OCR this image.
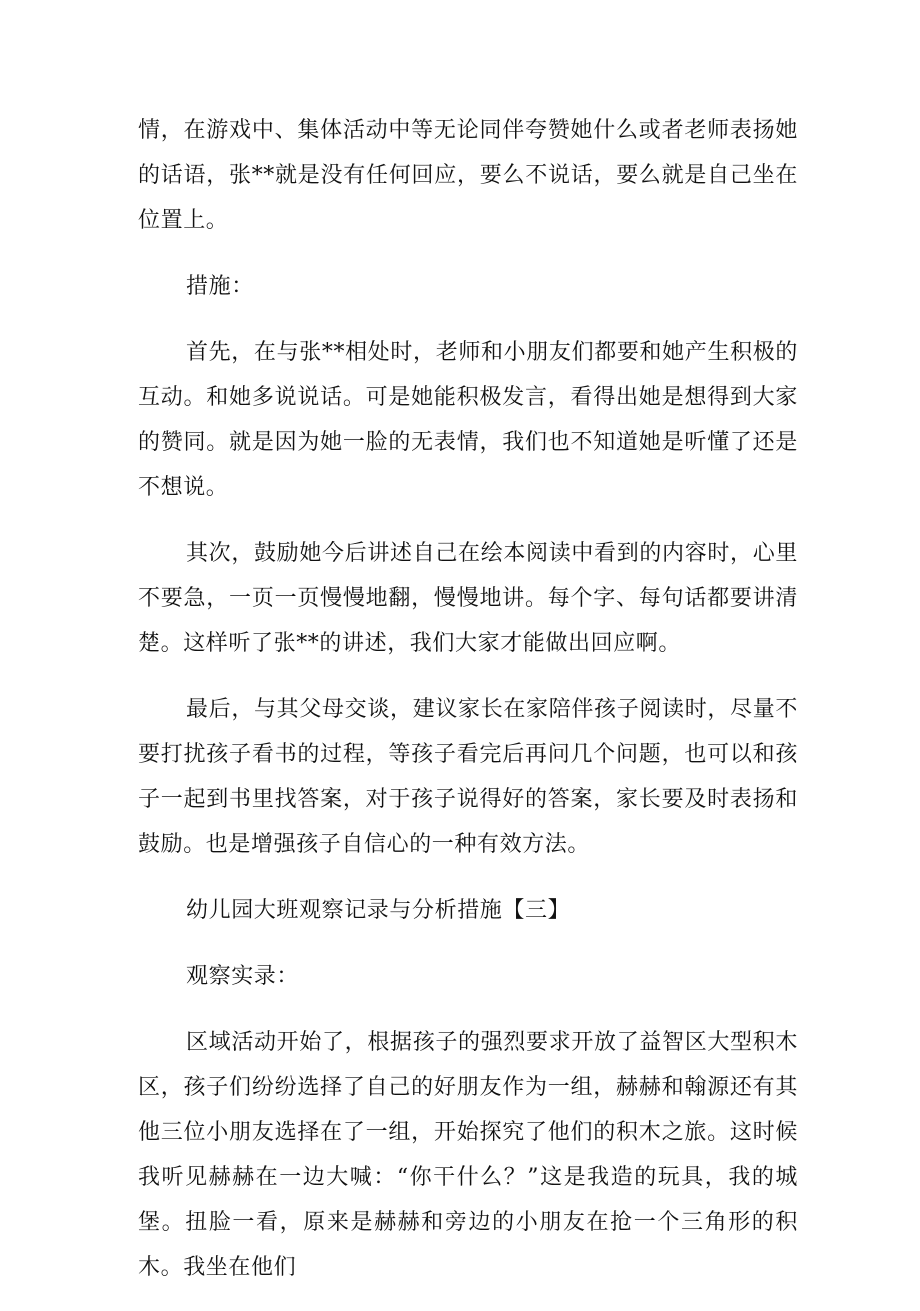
情，在游戏中、集体活动中等无论同伴夸赞她什么或者老师表扬她的话语，张**就是没有任何回应，要么不说话，要么就是自己坐在位置上。

措施：

首先，在与张**相处时，老师和小朋友们都要和她产生积极的互动。和她多说说话。可是她能积极发言，看得出她是想得到大家的赞同。就是因为她一脸的无表情，我们也不知道她是听懂了还是不想说。

其次，鼓励她今后讲述自己在绘本阅读中看到的内容时，心里不要急，一页一页慢慢地翻，慢慢地讲。每个字、每句话都要讲清楚。这样听了张**的讲述，我们大家才能做出回应啊。

最后，与其父母交谈，建议家长在家陪伴孩子阅读时，尽量不要打扰孩子看书的过程，等孩子看完后再问几个问题，也可以和孩子一起到书里找答案，对于孩子说得好的答案，家长要及时表扬和鼓励。也是增强孩子自信心的一种有效方法。

幼儿园大班观察记录与分析措施【三】

观察实录：

区域活动开始了，根据孩子的强烈要求开放了益智区大型积木区，孩子们纷纷选择了自己的好朋友作为一组，赫赫和翰源还有其他三位小朋友选择在了一组，开始探究了他们的积木之旅。这时候我听见赫赫在一边大喊：“你干什么？”这是我造的玩具，我的城堡。扭脸一看，原来是赫赫和旁边的小朋友在抢一个三角形的积木。我坐在他们
